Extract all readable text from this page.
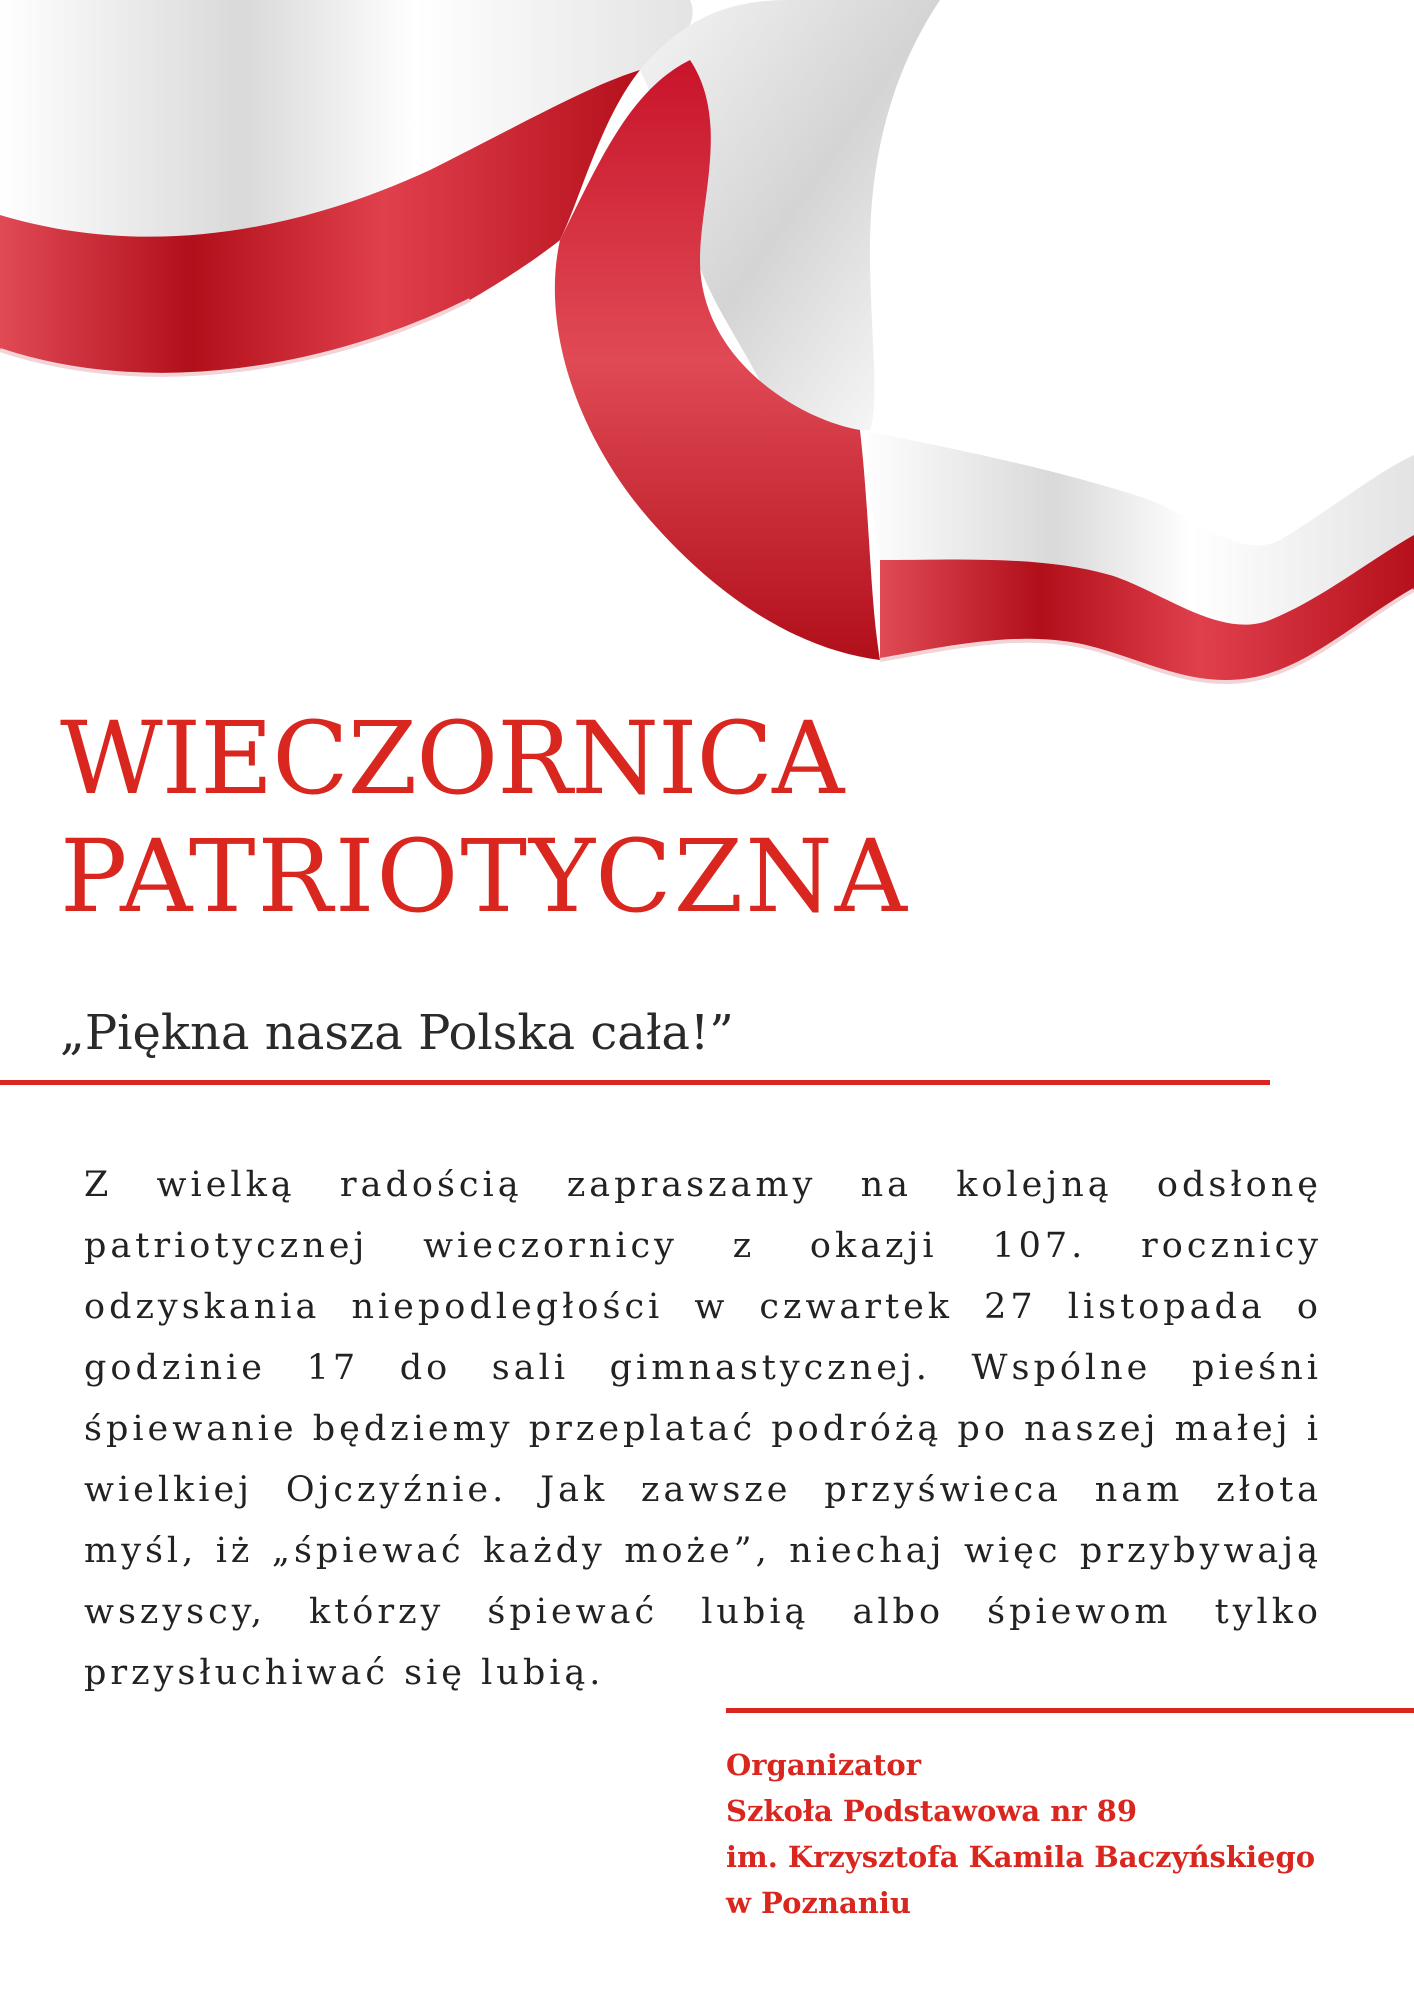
WIECZORNICA
PATRIOTYCZNA
„Piękna nasza Polska cała!”

Z wielką radością zapraszamy na kolejną odsłonę patriotycznej wieczornicy z okazji 107. rocznicy odzyskania niepodległości w czwartek 27 listopada o godzinie 17 do sali gimnastycznej. Wspólne pieśni śpiewanie będziemy przeplatać podróżą po naszej małej i wielkiej Ojczyźnie. Jak zawsze przyświeca nam złota myśl, iż „śpiewać każdy może”, niechaj więc przybywają wszyscy, którzy śpiewać lubią albo śpiewom tylko przysłuchiwać się lubią.

Organizator
Szkoła Podstawowa nr 89
im. Krzysztofa Kamila Baczyńskiego
w Poznaniu
